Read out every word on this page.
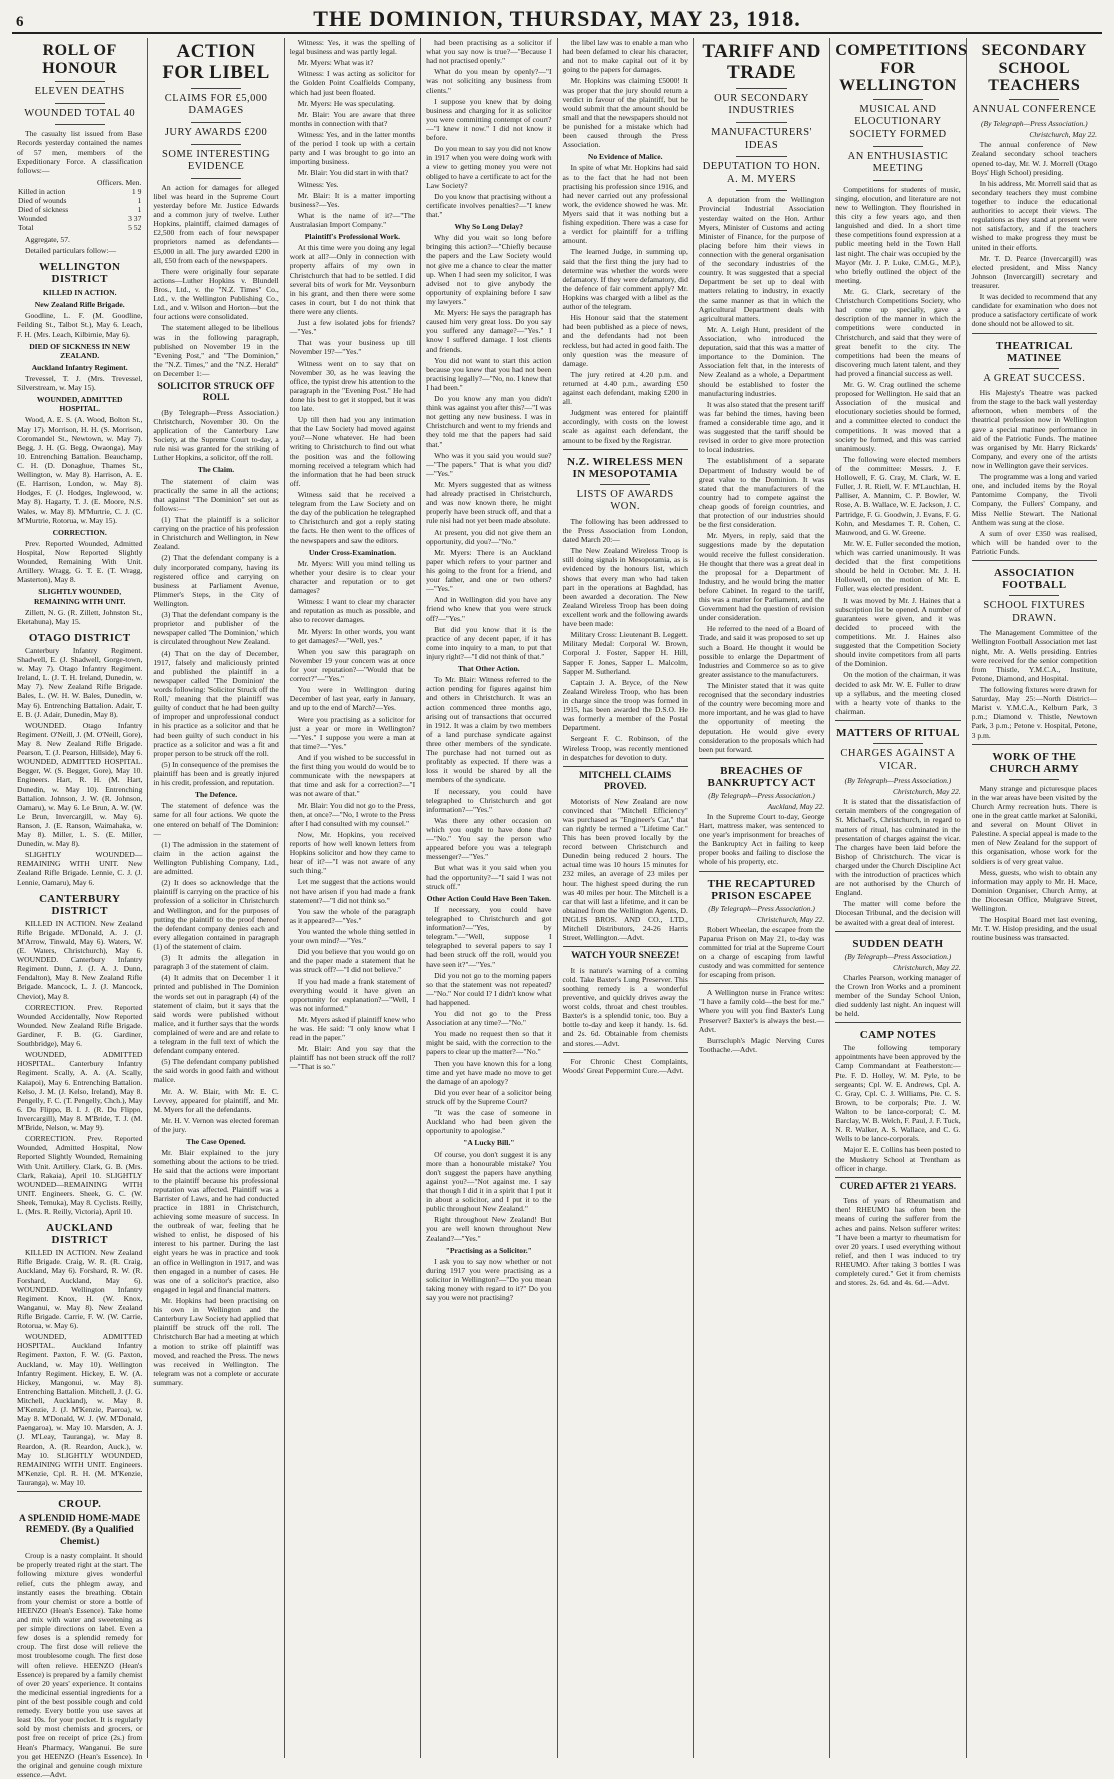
6	THE DOMINION, THURSDAY, MAY 23, 1918.
ROLL OF HONOUR
ELEVEN DEATHS
WOUNDED TOTAL 40

The casualty list issued from Base Records yesterday contained the names of 57 men, members of the Expeditionary Force. A classification follows:—

	Officers. Men.
Killed in action	1 9
Died of wounds	1
Died of sickness	1
Wounded	3 37
Total	5 52

Aggregate, 57.

Detailed particulars follow:—

WELLINGTON DISTRICT

KILLED IN ACTION.

New Zealand Rifle Brigade.

Goodline, L. F. (M. Goodline, Feilding St., Talbot St.), May 6. Leach, F. H. (Mrs. Leach, Kilbirnie, May 6).

DIED OF SICKNESS IN NEW ZEALAND.

Auckland Infantry Regiment.

Trevessel, T. J. (Mrs. Trevessel, Silverstream, w. May 15).

WOUNDED, ADMITTED HOSPITAL.

Wood, A. E. S. (A. Wood, Bolton St., May 17). Morrison, H. H. (S. Morrison, Coromandel St., Newtown, w. May 7). Begg, J. H. (G. Begg, Owaonga), May 10. Entrenching Battalion. Beauchamp, C. H. (D. Donaghue, Thames St., Wellington, w. May 8). Harrison, A. E. (E. Harrison, London, w. May 8). Hodges, F. (J. Hodges, Inglewood, w. May 8). Hagarty, T. J. (E. Moore, N.S. Wales, w. May 8). M'Murtrie, C. J. (C. M'Murtrie, Rotorua, w. May 15).

CORRECTION.

Prev. Reported Wounded, Admitted Hospital, Now Reported Slightly Wounded, Remaining With Unit. Artillery. Wragg, G. T. E. (T. Wragg, Masterton), May 8.

SLIGHTLY WOUNDED, REMAINING WITH UNIT.

Zillett, N. G. (R. Zillett, Johnston St., Eketahuna), May 15.

OTAGO DISTRICT

Canterbury Infantry Regiment. Shadwell, E. (J. Shadwell, Gorge-town, w. May 7). Otago Infantry Regiment. Ireland, L. (J. T. H. Ireland, Dunedin, w. May 7). New Zealand Rifle Brigade. Bales, L. (W. H. W. Bales, Dunedin, w. May 6). Entrenching Battalion. Adair, T. E. B. (J. Adair, Dunedin, May 8).

WOUNDED. Otago Infantry Regiment. O'Neill, J. (M. O'Neill, Gore), May 8. New Zealand Rifle Brigade. Pearson, T. (J. Pearson, Hillside), May 6. WOUNDED, ADMITTED HOSPITAL. Begger, W. (S. Begger, Gore), May 10. Engineers. Hart, R. H. (M. Hart, Dunedin, w. May 10). Entrenching Battalion. Johnson, J. W. (R. Johnson, Oamaru), w. May 6. Le Brun, A. W. (W. Le Brun, Invercargill, w. May 6). Ranson, J. (E. Ranson, Waimahaka, w. May 8). Miller, L. S. (E. Miller, Dunedin, w. May 8).

SLIGHTLY WOUNDED—REMAINING WITH UNIT. New Zealand Rifle Brigade. Lennie, C. J. (J. Lennie, Oamaru), May 6.

CANTERBURY DISTRICT

KILLED IN ACTION. New Zealand Rifle Brigade. M'Donald, A. J. (J. M'Arrow, Tinwald, May 6). Waters, W. (E. Waters, Christchurch), May 6. WOUNDED. Canterbury Infantry Regiment. Dunn, J. (J. A. J. Dunn, Fendalton), May 8. New Zealand Rifle Brigade. Mancock, L. J. (J. Mancock, Cheviot), May 8.

CORRECTION. Prev. Reported Wounded Accidentally, Now Reported Wounded. New Zealand Rifle Brigade. Gardiner, F. B. (G. Gardiner, Southbridge), May 6.

WOUNDED, ADMITTED HOSPITAL. Canterbury Infantry Regiment. Scally, A. A. (A. Scally, Kaiapoi), May 6. Entrenching Battalion. Kelso, J. M. (J. Kelso, Ireland), May 8. Pengelly, F. C. (T. Pengelly, Chch.), May 6. Du Flippo, B. I. J. (R. Du Flippo, Invercargill), May 8. M'Bride, T. J. (M. M'Bride, Nelson, w. May 9).

CORRECTION. Prev. Reported Wounded, Admitted Hospital, Now Reported Slightly Wounded, Remaining With Unit. Artillery. Clark, G. B. (Mrs. Clark, Rakaia), April 10. SLIGHTLY WOUNDED—REMAINING WITH UNIT. Engineers. Sheek, G. C. (W. Sheek, Temuka), May 8. Cyclists. Reilly, L. (Mrs. R. Reilly, Victoria), April 10.

AUCKLAND DISTRICT

KILLED IN ACTION. New Zealand Rifle Brigade. Craig, W. R. (R. Craig, Auckland, May 6). Forshard, R. W. (R. Forshard, Auckland, May 6). WOUNDED. Wellington Infantry Regiment. Knox, H. (W. Knox, Wanganui, w. May 8). New Zealand Rifle Brigade. Carrie, F. W. (W. Carrie, Rotorua, w. May 6).

WOUNDED, ADMITTED HOSPITAL. Auckland Infantry Regiment. Paxton, F. W. (G. Paxton, Auckland, w. May 10). Wellington Infantry Regiment. Hickey, E. W. (A. Hickey, Mangonui, w. May 8). Entrenching Battalion. Mitchell, J. (J. G. Mitchell, Auckland), w. May 8. M'Kenzie, J. (J. M'Kenzie, Paeroa), w. May 8. M'Donald, W. J. (W. M'Donald, Paengaroa), w. May 10. Marsden, A. J. (J. M'Leay, Tauranga), w. May 8. Reardon, A. (R. Reardon, Auck.), w. May 10. SLIGHTLY WOUNDED, REMAINING WITH UNIT. Engineers. M'Kenzie, Cpl. R. H. (M. M'Kenzie, Tauranga), w. May 10.

CROUP.
A SPLENDID HOME-MADE REMEDY. (By a Qualified Chemist.)

Croup is a nasty complaint. It should be properly treated right at the start. The following mixture gives wonderful relief, cuts the phlegm away, and instantly eases the breathing. Obtain from your chemist or store a bottle of HEENZO (Hean's Essence). Take home and mix with water and sweetening as per simple directions on label. Even a few doses is a splendid remedy for croup. The first dose will relieve the most troublesome cough. The first dose will often relieve. HEENZO (Hean's Essence) is prepared by a family chemist of over 20 years' experience. It contains the medicinal essential ingredients for a pint of the best possible cough and cold remedy. Every bottle you use saves at least 10s. for your pocket. It is regularly sold by most chemists and grocers, or post free on receipt of price (2s.) from Hean's Pharmacy, Wanganui. Be sure you get HEENZO (Hean's Essence). In the original and genuine cough mixture essence.—Advt.

ACTION FOR LIBEL
CLAIMS FOR £5,000 DAMAGES
JURY AWARDS £200
SOME INTERESTING EVIDENCE

An action for damages for alleged libel was heard in the Supreme Court yesterday before Mr. Justice Edwards and a common jury of twelve. Luther Hopkins, plaintiff, claimed damages of £2,500 from each of four newspaper proprietors named as defendants—£5,000 in all. The jury awarded £200 in all, £50 from each of the newspapers.

There were originally four separate actions—Luther Hopkins v. Blundell Bros., Ltd., v. the "N.Z. Times" Co., Ltd., v. the Wellington Publishing Co., Ltd., and v. Wilson and Horton—but the four actions were consolidated.

The statement alleged to be libellous was in the following paragraph, published on November 19 in the "Evening Post," and "The Dominion," the "N.Z. Times," and the "N.Z. Herald" on December 1:—

SOLICITOR STRUCK OFF ROLL

(By Telegraph—Press Association.) Christchurch, November 30. On the application of the Canterbury Law Society, at the Supreme Court to-day, a rule nisi was granted for the striking of Luther Hopkins, a solicitor, off the roll.

The Claim.

The statement of claim was practically the same in all the actions; that against "The Dominion" set out as follows:—

(1) That the plaintiff is a solicitor carrying on the practice of his profession in Christchurch and Wellington, in New Zealand.

(2) That the defendant company is a duly incorporated company, having its registered office and carrying on business at Parliament Avenue, Plimmer's Steps, in the City of Wellington.

(3) That the defendant company is the proprietor and publisher of the newspaper called 'The Dominion,' which is circulated throughout New Zealand.

(4) That on the day of December, 1917, falsely and maliciously printed and published the plaintiff in a newspaper called 'The Dominion' the words following: 'Solicitor Struck off the Roll,' meaning that the plaintiff was guilty of conduct that he had been guilty of improper and unprofessional conduct in his practice as a solicitor and that he had been guilty of such conduct in his practice as a solicitor and was a fit and proper person to be struck off the roll.

(5) In consequence of the premises the plaintiff has been and is greatly injured in his credit, profession, and reputation.

The Defence.

The statement of defence was the same for all four actions. We quote the one entered on behalf of The Dominion:—

(1) The admission in the statement of claim in the action against the Wellington Publishing Company, Ltd., are admitted.

(2) It does so acknowledge that the plaintiff is carrying on the practice of his profession of a solicitor in Christchurch and Wellington, and for the purposes of putting the plaintiff to the proof thereof the defendant company denies each and every allegation contained in paragraph (1) of the statement of claim.

(3) It admits the allegation in paragraph 3 of the statement of claim.

(4) It admits that on December 1 it printed and published in The Dominion the words set out in paragraph (4) of the statement of claim, but it says that the said words were published without malice, and it further says that the words complained of were and are and relate to a telegram in the full text of which the defendant company entered.

(5) The defendant company published the said words in good faith and without malice.

Mr. A. W. Blair, with Mr. E. C. Levvey, appeared for plaintiff, and Mr. M. Myers for all the defendants.

Mr. H. V. Vernon was elected foreman of the jury.

The Case Opened.

Mr. Blair explained to the jury something about the actions to be tried. He said that the actions were important to the plaintiff because his professional reputation was affected. Plaintiff was a Barrister of Laws, and he had conducted practice in 1881 in Christchurch, achieving some measure of success. In the outbreak of war, feeling that he wished to enlist, he disposed of his interest to his partner. During the last eight years he was in practice and took an office in Wellington in 1917, and was then engaged in a number of cases. He was one of a solicitor's practice, also engaged in legal and financial matters.

Mr. Hopkins had been practising on his own in Wellington and the Canterbury Law Society had applied that plaintiff be struck off the roll. The Christchurch Bar had a meeting at which a motion to strike off plaintiff was moved, and reached the Press. The news was received in Wellington. The telegram was not a complete or accurate summary.

Witness: Yes, it was the spelling of legal business and was partly legal.

Mr. Myers: What was it?

Witness: I was acting as solicitor for the Golden Point Coalfields Company, which had just been floated.

Mr. Myers: He was speculating.

Mr. Blair: You are aware that three months in connection with that?

Witness: Yes, and in the latter months of the period I took up with a certain party and I was brought to go into an importing business.

Mr. Blair: You did start in with that?

Witness: Yes.

Mr. Blair: It is a matter importing business?—Yes.

What is the name of it?—"The Australasian Import Company."

Plaintiff's Professional Work.

At this time were you doing any legal work at all?—Only in connection with property affairs of my own in Christchurch that had to be settled. I did several bits of work for Mr. Veysonburn in his grant, and then there were some cases in court, but I do not think that there were any clients.

Just a few isolated jobs for friends?—"Yes."

That was your business up till November 19?—"Yes."

Witness went on to say that on November 30, as he was leaving the office, the typist drew his attention to the paragraph in the "Evening Post." He had done his best to get it stopped, but it was too late.

Up till then had you any intimation that the Law Society had moved against you?—None whatever. He had been writing to Christchurch to find out what the position was and the following morning received a telegram which had the information that he had been struck off.

Witness said that he received a telegram from the Law Society and on the day of the publication he telegraphed to Christchurch and got a reply stating the facts. He then went to the offices of the newspapers and saw the editors.

Under Cross-Examination.

Mr. Myers: Will you mind telling us whether your desire is to clear your character and reputation or to get damages?

Witness: I want to clear my character and reputation as much as possible, and also to recover damages.

Mr. Myers: In other words, you want to get damages?—"Well, yes."

When you saw this paragraph on November 19 your concern was at once for your reputation?—"Would that be correct?"—"Yes."

You were in Wellington during December of last year, early in January, and up to the end of March?—Yes.

Were you practising as a solicitor for just a year or more in Wellington?—"Yes." I suppose you were a man at that time?—"Yes."

And if you wished to be successful in the first thing you would do would be to communicate with the newspapers at that time and ask for a correction?—"I was not aware of that."

Mr. Blair: You did not go to the Press, then, at once?—"No, I wrote to the Press after I had consulted with my counsel."

Now, Mr. Hopkins, you received reports of how well known letters from Hopkins solicitor and how they came to hear of it?—"I was not aware of any such thing."

Let me suggest that the actions would not have arisen if you had made a frank statement?—"I did not think so."

You saw the whole of the paragraph as it appeared?—"Yes."

You wanted the whole thing settled in your own mind?—"Yes."

Did you believe that you would go on and the paper made a statement that he was struck off?—"I did not believe."

If you had made a frank statement of everything would it have given an opportunity for explanation?—"Well, I was not informed."

Mr. Myers asked if plaintiff knew who he was. He said: "I only know what I read in the paper."

Mr. Blair: And you say that the plaintiff has not been struck off the roll?—"That is so."

had been practising as a solicitor if what you say now is true?—"Because I had not practised openly."

What do you mean by openly?—"I was not soliciting any business from clients."

I suppose you knew that by doing business and charging for it as solicitor you were committing contempt of court?—"I knew it now." I did not know it before.

Do you mean to say you did not know in 1917 when you were doing work with a view to getting money you were not obliged to have a certificate to act for the Law Society?

Do you know that practising without a certificate involves penalties?—"I knew that."

Why So Long Delay?

Why did you wait so long before bringing this action?—"Chiefly because the papers and the Law Society would not give me a chance to clear the matter up. When I had seen my solicitor, I was advised not to give anybody the opportunity of explaining before I saw my lawyers."

Mr. Myers: He says the paragraph has caused him very great loss. Do you say you suffered any damage?—"Yes." I know I suffered damage. I lost clients and friends.

You did not want to start this action because you knew that you had not been practising legally?—"No, no. I knew that I had been."

Do you know any man you didn't think was against you after this?—"I was not getting any new business. I was in Christchurch and went to my friends and they told me that the papers had said that."

Who was it you said you would sue?—"The papers." That is what you did?—"Yes."

Mr. Myers suggested that as witness had already practised in Christchurch, and was now known there, he might properly have been struck off, and that a rule nisi had not yet been made absolute.

At present, you did not give them an opportunity, did you?—"No."

Mr. Myers: There is an Auckland paper which refers to your partner and his going to the front for a friend, and your father, and one or two others?—"Yes."

And in Wellington did you have any friend who knew that you were struck off?—"Yes."

But did you know that it is the practice of any decent paper, if it has come into inquiry to a man, to put that injury right?—"I did not think of that."

That Other Action.

To Mr. Blair: Witness referred to the action pending for figures against him and others in Christchurch. It was an action commenced three months ago, arising out of transactions that occurred in 1912. It was a claim by two members of a land purchase syndicate against three other members of the syndicate. The purchase had not turned out as profitably as expected. If there was a loss it would be shared by all the members of the syndicate.

If necessary, you could have telegraphed to Christchurch and got information?—"Yes."

Was there any other occasion on which you ought to have done that?—"No." You say the person who appeared before you was a telegraph messenger?—"Yes."

But what was it you said when you had the opportunity?—"I said I was not struck off."

Other Action Could Have Been Taken.

If necessary, you could have telegraphed to Christchurch and got information?—"Yes, by telegram."—"Well, suppose I telegraphed to several papers to say I had been struck off the roll, would you have seen it?"—"Yes."

Did you not go to the morning papers so that the statement was not repeated?—"No." Nor could I? I didn't know what had happened.

You did not go to the Press Association at any time?—"No."

You made no request then so that it might be said, with the correction to the papers to clear up the matter?—"No."

Then you have known this for a long time and yet have made no move to get the damage of an apology?

Did you ever hear of a solicitor being struck off by the Supreme Court?

"It was the case of someone in Auckland who had been given the opportunity to apologise."

"A Lucky Bill."

Of course, you don't suggest it is any more than a honourable mistake? You don't suggest the papers have anything against you?—"Not against me. I say that though I did it in a spirit that I put it in about a solicitor, and I put it to the public throughout New Zealand."

Right throughout New Zealand! But you are well known throughout New Zealand?—"Yes."

"Practising as a Solicitor."

I ask you to say now whether or not during 1917 you were practising as a solicitor in Wellington?—"Do you mean taking money with regard to it?" Do you say you were not practising?

the libel law was to enable a man who had been defamed to clear his character, and not to make capital out of it by going to the papers for damages.

Mr. Hopkins was claiming £5000! It was proper that the jury should return a verdict in favour of the plaintiff, but he would submit that the amount should be small and that the newspapers should not be punished for a mistake which had been caused through the Press Association.

No Evidence of Malice.

In spite of what Mr. Hopkins had said as to the fact that he had not been practising his profession since 1916, and had never carried out any professional work, the evidence showed he was. Mr. Myers said that it was nothing but a fishing expedition. There was a case for a verdict for plaintiff for a trifling amount.

The learned Judge, in summing up, said that the first thing the jury had to determine was whether the words were defamatory. If they were defamatory, did the defence of fair comment apply? Mr. Hopkins was charged with a libel as the author of the telegram.

His Honour said that the statement had been published as a piece of news, and the defendants had not been reckless, but had acted in good faith. The only question was the measure of damage.

The jury retired at 4.20 p.m. and returned at 4.40 p.m., awarding £50 against each defendant, making £200 in all.

Judgment was entered for plaintiff accordingly, with costs on the lowest scale as against each defendant, the amount to be fixed by the Registrar.

N.Z. WIRELESS MEN IN MESOPOTAMIA
LISTS OF AWARDS WON.

The following has been addressed to the Press Association from London, dated March 20:—

The New Zealand Wireless Troop is still doing signals in Mesopotamia, as is evidenced by the honours list, which shows that every man who had taken part in the operations at Baghdad, has been awarded a decoration. The New Zealand Wireless Troop has been doing excellent work and the following awards have been made:

Military Cross: Lieutenant B. Leggett. Military Medal: Corporal W. Brown, Corporal J. Foster, Sapper H. Hill, Sapper F. Jones, Sapper L. Malcolm, Sapper M. Sutherland.

Captain J. A. Bryce, of the New Zealand Wireless Troop, who has been in charge since the troop was formed in 1915, has been awarded the D.S.O. He was formerly a member of the Postal Department.

Sergeant F. C. Robinson, of the Wireless Troop, was recently mentioned in despatches for devotion to duty.

MITCHELL CLAIMS PROVED.

Motorists of New Zealand are now convinced that "Mitchell Efficiency" was purchased as "Engineer's Car," that can rightly be termed a "Lifetime Car." This has been proved locally by the record between Christchurch and Dunedin being reduced 2 hours. The actual time was 10 hours 15 minutes for 232 miles, an average of 23 miles per hour. The highest speed during the run was 40 miles per hour. The Mitchell is a car that will last a lifetime, and it can be obtained from the Wellington Agents, D. INGLIS BROS. AND CO., LTD., Mitchell Distributors, 24-26 Harris Street, Wellington.—Advt.

WATCH YOUR SNEEZE!

It is nature's warning of a coming cold. Take Baxter's Lung Preserver. This soothing remedy is a wonderful preventive, and quickly drives away the worst colds, throat and chest troubles. Baxter's is a splendid tonic, too. Buy a bottle to-day and keep it handy. 1s. 6d. and 2s. 6d. Obtainable from chemists and stores.—Advt.

For Chronic Chest Complaints, Woods' Great Peppermint Cure.—Advt.

TARIFF AND TRADE
OUR SECONDARY INDUSTRIES
MANUFACTURERS' IDEAS
DEPUTATION TO HON. A. M. MYERS

A deputation from the Wellington Provincial Industrial Association yesterday waited on the Hon. Arthur Myers, Minister of Customs and acting Minister of Finance, for the purpose of placing before him their views in connection with the general organisation of the secondary industries of the country. It was suggested that a special Department be set up to deal with matters relating to industry, in exactly the same manner as that in which the Agricultural Department deals with agricultural matters.

Mr. A. Leigh Hunt, president of the Association, who introduced the deputation, said that this was a matter of importance to the Dominion. The Association felt that, in the interests of New Zealand as a whole, a Department should be established to foster the manufacturing industries.

It was also stated that the present tariff was far behind the times, having been framed a considerable time ago, and it was suggested that the tariff should be revised in order to give more protection to local industries.

The establishment of a separate Department of Industry would be of great value to the Dominion. It was stated that the manufacturers of the country had to compete against the cheap goods of foreign countries, and that protection of our industries should be the first consideration.

Mr. Myers, in reply, said that the suggestions made by the deputation would receive the fullest consideration. He thought that there was a great deal in the proposal for a Department of Industry, and he would bring the matter before Cabinet. In regard to the tariff, this was a matter for Parliament, and the Government had the question of revision under consideration.

He referred to the need of a Board of Trade, and said it was proposed to set up such a Board. He thought it would be possible to enlarge the Department of Industries and Commerce so as to give greater assistance to the manufacturers.

The Minister stated that it was quite recognised that the secondary industries of the country were becoming more and more important, and he was glad to have the opportunity of meeting the deputation. He would give every consideration to the proposals which had been put forward.

BREACHES OF BANKRUPTCY ACT
(By Telegraph—Press Association.)
Auckland, May 22.

In the Supreme Court to-day, George Hart, mattress maker, was sentenced to one year's imprisonment for breaches of the Bankruptcy Act in failing to keep proper books and failing to disclose the whole of his property, etc.

THE RECAPTURED PRISON ESCAPEE
(By Telegraph—Press Association.)
Christchurch, May 22.

Robert Wheelan, the escapee from the Paparua Prison on May 21, to-day was committed for trial at the Supreme Court on a charge of escaping from lawful custody and was committed for sentence for escaping from prison.

A Wellington nurse in France writes: "I have a family cold—the best for me." Where you will you find Baxter's Lung Preserver? Baxter's is always the best.—Advt.

Burrscluph's Magic Nerving Cures Toothache.—Advt.

COMPETITIONS FOR WELLINGTON
MUSICAL AND ELOCUTIONARY SOCIETY FORMED
AN ENTHUSIASTIC MEETING

Competitions for students of music, singing, elocution, and literature are not new to Wellington. They flourished in this city a few years ago, and then languished and died. In a short time these competitions found expression at a public meeting held in the Town Hall last night. The chair was occupied by the Mayor (Mr. J. P. Luke, C.M.G., M.P.), who briefly outlined the object of the meeting.

Mr. G. Clark, secretary of the Christchurch Competitions Society, who had come up specially, gave a description of the manner in which the competitions were conducted in Christchurch, and said that they were of great benefit to the city. The competitions had been the means of discovering much latent talent, and they had proved a financial success as well.

Mr. G. W. Crag outlined the scheme proposed for Wellington. He said that an Association of the musical and elocutionary societies should be formed, and a committee elected to conduct the competitions. It was moved that a society be formed, and this was carried unanimously.

The following were elected members of the committee: Messrs. J. F. Hollowell, F. G. Cray, M. Clark, W. E. Fuller, J. R. Riell, W. F. M'Lauchlan, H. Palliser, A. Mannim, C. P. Bowler, W. Rose, A. B. Wallace, W. E. Jackson, J. C. Partridge, F. G. Goodwin, J. Evans, F. G. Kohn, and Mesdames T. R. Cohen, C. Mauwood, and G. W. Greene.

Mr. W. E. Fuller seconded the motion, which was carried unanimously. It was decided that the first competitions should be held in October. Mr. J. H. Hollowell, on the motion of Mr. E. Fuller, was elected president.

It was moved by Mr. J. Haines that a subscription list be opened. A number of guarantees were given, and it was decided to proceed with the competitions. Mr. J. Haines also suggested that the Competition Society should invite competitors from all parts of the Dominion.

On the motion of the chairman, it was decided to ask Mr. W. E. Fuller to draw up a syllabus, and the meeting closed with a hearty vote of thanks to the chairman.

MATTERS OF RITUAL
CHARGES AGAINST A VICAR.
(By Telegraph—Press Association.)
Christchurch, May 22.

It is stated that the dissatisfaction of certain members of the congregation of St. Michael's, Christchurch, in regard to matters of ritual, has culminated in the presentation of charges against the vicar. The charges have been laid before the Bishop of Christchurch. The vicar is charged under the Church Discipline Act with the introduction of practices which are not authorised by the Church of England.

The matter will come before the Diocesan Tribunal, and the decision will be awaited with a great deal of interest.

SUDDEN DEATH
(By Telegraph—Press Association.)
Christchurch, May 22.

Charles Pearson, working manager of the Crown Iron Works and a prominent member of the Sunday School Union, died suddenly last night. An inquest will be held.

CAMP NOTES

The following temporary appointments have been approved by the Camp Commandant at Featherston:—Pte. F. D. Holley, W. M. Pyle, to be sergeants; Cpl. W. E. Andrews, Cpl. A. C. Gray, Cpl. C. J. Williams, Pte. C. S. Brown, to be corporals; Pte. J. W. Walton to be lance-corporal; C. M. Barclay, W. B. Welch, F. Paul, J. F. Tuck, N. R. Walker, A. S. Wallace, and C. G. Wells to be lance-corporals.

Major E. E. Collins has been posted to the Musketry School at Trentham as officer in charge.

CURED AFTER 21 YEARS.

Tens of years of Rheumatism and then! RHEUMO has often been the means of curing the sufferer from the aches and pains. Nelson sufferer writes: "I have been a martyr to rheumatism for over 20 years. I used everything without relief, and then I was induced to try RHEUMO. After taking 3 bottles I was completely cured." Get it from chemists and stores. 2s. 6d. and 4s. 6d.—Advt.

SECONDARY SCHOOL TEACHERS
ANNUAL CONFERENCE
(By Telegraph—Press Association.)
Christchurch, May 22.

The annual conference of New Zealand secondary school teachers opened to-day, Mr. W. J. Morrell (Otago Boys' High School) presiding.

In his address, Mr. Morrell said that as secondary teachers they must combine together to induce the educational authorities to accept their views. The regulations as they stand at present were not satisfactory, and if the teachers wished to make progress they must be united in their efforts.

Mr. T. D. Pearce (Invercargill) was elected president, and Miss Nancy Johnson (Invercargill) secretary and treasurer.

It was decided to recommend that any candidate for examination who does not produce a satisfactory certificate of work done should not be allowed to sit.

THEATRICAL MATINEE
A GREAT SUCCESS.

His Majesty's Theatre was packed from the stage to the back wall yesterday afternoon, when members of the theatrical profession now in Wellington gave a special matinee performance in aid of the Patriotic Funds. The matinee was organised by Mr. Harry Rickards' Company, and every one of the artists now in Wellington gave their services.

The programme was a long and varied one, and included items by the Royal Pantomime Company, the Tivoli Company, the Fullers' Company, and Miss Nellie Stewart. The National Anthem was sung at the close.

A sum of over £350 was realised, which will be handed over to the Patriotic Funds.

ASSOCIATION FOOTBALL
SCHOOL FIXTURES DRAWN.

The Management Committee of the Wellington Football Association met last night, Mr. A. Wells presiding. Entries were received for the senior competition from Thistle, Y.M.C.A., Institute, Petone, Diamond, and Hospital.

The following fixtures were drawn for Saturday, May 25:—North District—Marist v. Y.M.C.A., Kelburn Park, 3 p.m.; Diamond v. Thistle, Newtown Park, 3 p.m.; Petone v. Hospital, Petone, 3 p.m.

WORK OF THE CHURCH ARMY

Many strange and picturesque places in the war areas have been visited by the Church Army recreation huts. There is one in the great cattle market at Saloniki, and several on Mount Olivet in Palestine. A special appeal is made to the men of New Zealand for the support of this organisation, whose work for the soldiers is of very great value.

Mess, guests, who wish to obtain any information may apply to Mr. H. Mace, Dominion Organiser, Church Army, at the Diocesan Office, Mulgrave Street, Wellington.

The Hospital Board met last evening, Mr. T. W. Hislop presiding, and the usual routine business was transacted.
